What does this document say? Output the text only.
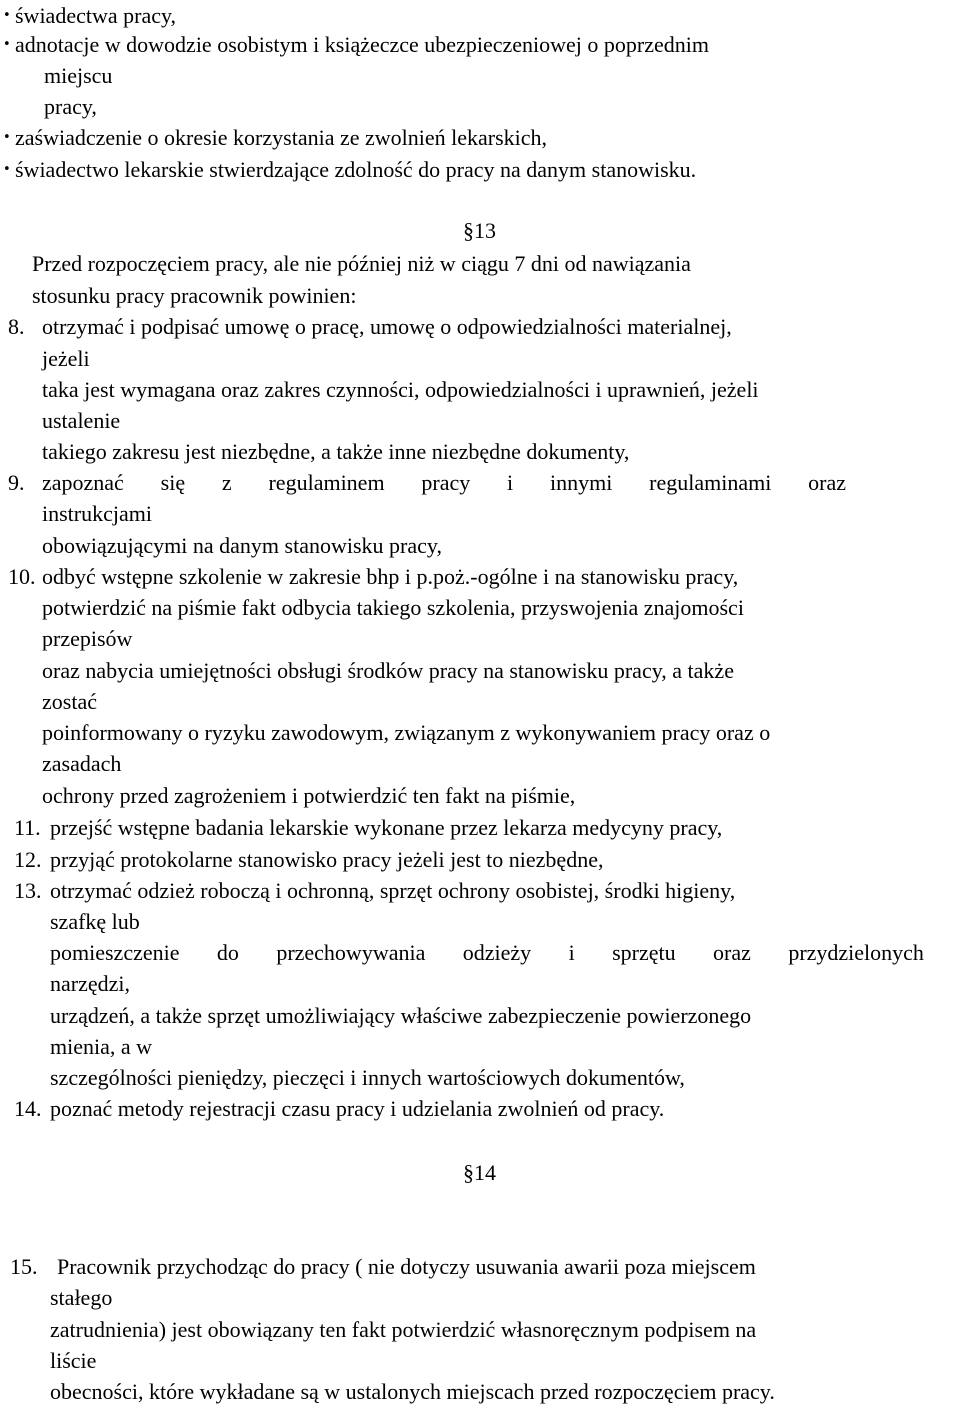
• świadectwa pracy,
• adnotacje w dowodzie osobistym i książeczce ubezpieczeniowej o poprzednim
miejscu
pracy,
• zaświadczenie o okresie korzystania ze zwolnień lekarskich,
• świadectwo lekarskie stwierdzające zdolność do pracy na danym stanowisku.
§13
Przed rozpoczęciem pracy, ale nie później niż w ciągu 7 dni od nawiązania
stosunku pracy pracownik powinien:
8. otrzymać i podpisać umowę o pracę, umowę o odpowiedzialności materialnej,
jeżeli
taka jest wymagana oraz zakres czynności, odpowiedzialności i uprawnień, jeżeli
ustalenie
takiego zakresu jest niezbędne, a także inne niezbędne dokumenty,
9. zapoznać się z regulaminem pracy i innymi regulaminami oraz
instrukcjami
obowiązującymi na danym stanowisku pracy,
10. odbyć wstępne szkolenie w zakresie bhp i p.poż.-ogólne i na stanowisku pracy,
potwierdzić na piśmie fakt odbycia takiego szkolenia, przyswojenia znajomości
przepisów
oraz nabycia umiejętności obsługi środków pracy na stanowisku pracy, a także
zostać
poinformowany o ryzyku zawodowym, związanym z wykonywaniem pracy oraz o
zasadach
ochrony przed zagrożeniem i potwierdzić ten fakt na piśmie,
11. przejść wstępne badania lekarskie wykonane przez lekarza medycyny pracy,
12. przyjąć protokolarne stanowisko pracy jeżeli jest to niezbędne,
13. otrzymać odzież roboczą i ochronną, sprzęt ochrony osobistej, środki higieny,
szafkę lub
pomieszczenie do przechowywania odzieży i sprzętu oraz przydzielonych
narzędzi,
urządzeń, a także sprzęt umożliwiający właściwe zabezpieczenie powierzonego
mienia, a w
szczególności pieniędzy, pieczęci i innych wartościowych dokumentów,
14. poznać metody rejestracji czasu pracy i udzielania zwolnień od pracy.
§14
15. Pracownik przychodząc do pracy ( nie dotyczy usuwania awarii poza miejscem
stałego
zatrudnienia) jest obowiązany ten fakt potwierdzić własnoręcznym podpisem na
liście
obecności, które wykładane są w ustalonych miejscach przed rozpoczęciem pracy.
